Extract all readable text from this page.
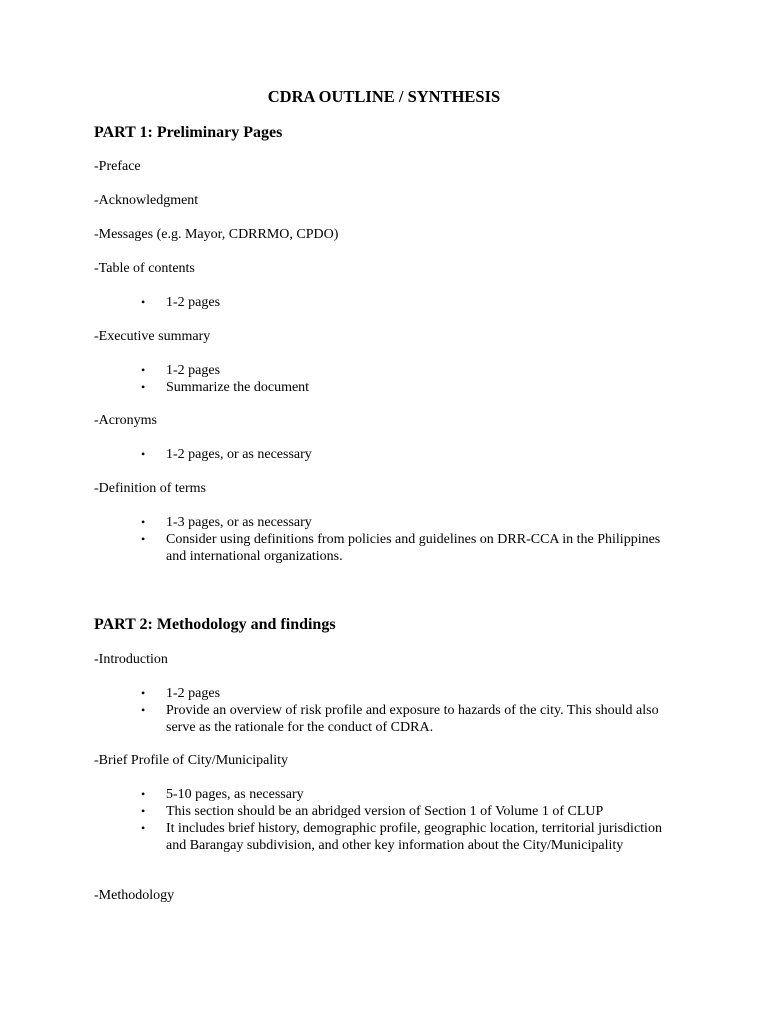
CDRA OUTLINE / SYNTHESIS
PART 1: Preliminary Pages
-Preface
-Acknowledgment
-Messages (e.g. Mayor, CDRRMO, CPDO)
-Table of contents
• 1-2 pages
-Executive summary
• 1-2 pages
• Summarize the document
-Acronyms
• 1-2 pages, or as necessary
-Definition of terms
• 1-3 pages, or as necessary
• Consider using definitions from policies and guidelines on DRR-CCA in the Philippines and international organizations.
PART 2: Methodology and findings
-Introduction
• 1-2 pages
• Provide an overview of risk profile and exposure to hazards of the city. This should also serve as the rationale for the conduct of CDRA.
-Brief Profile of City/Municipality
• 5-10 pages, as necessary
• This section should be an abridged version of Section 1 of Volume 1 of CLUP
• It includes brief history, demographic profile, geographic location, territorial jurisdiction and Barangay subdivision, and other key information about the City/Municipality
-Methodology
